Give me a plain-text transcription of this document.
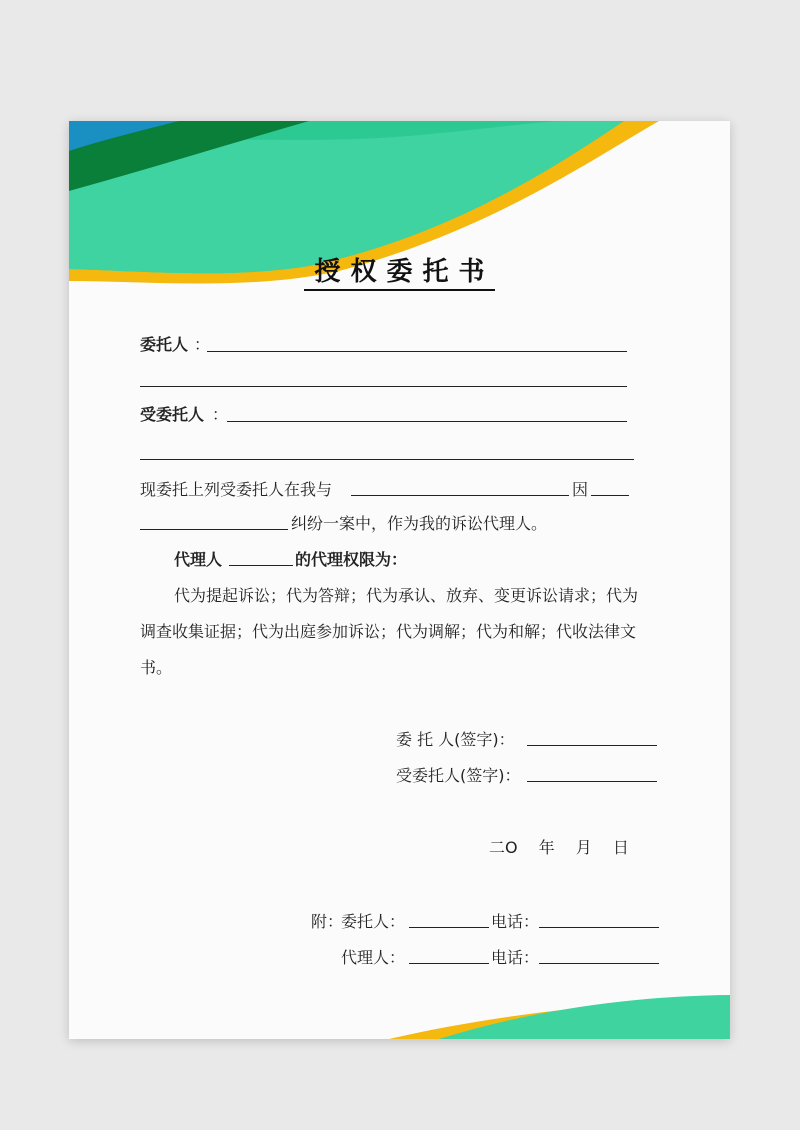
授权委托书
委托人 ：
受委托人 ：
现委托上列受委托人在我与	因
纠纷一案中，作为我的诉讼代理人。
代理人	的代理权限为：
代为提起诉讼；代为答辩；代为承认、放弃、变更诉讼请求；代为
调查收集证据；代为出庭参加诉讼；代为调解；代为和解；代收法律文
书。
委 托 人(签字)：
受委托人(签字)：
二O　 年　 月　 日
附：
委托人：	电话：
代理人：	电话：
